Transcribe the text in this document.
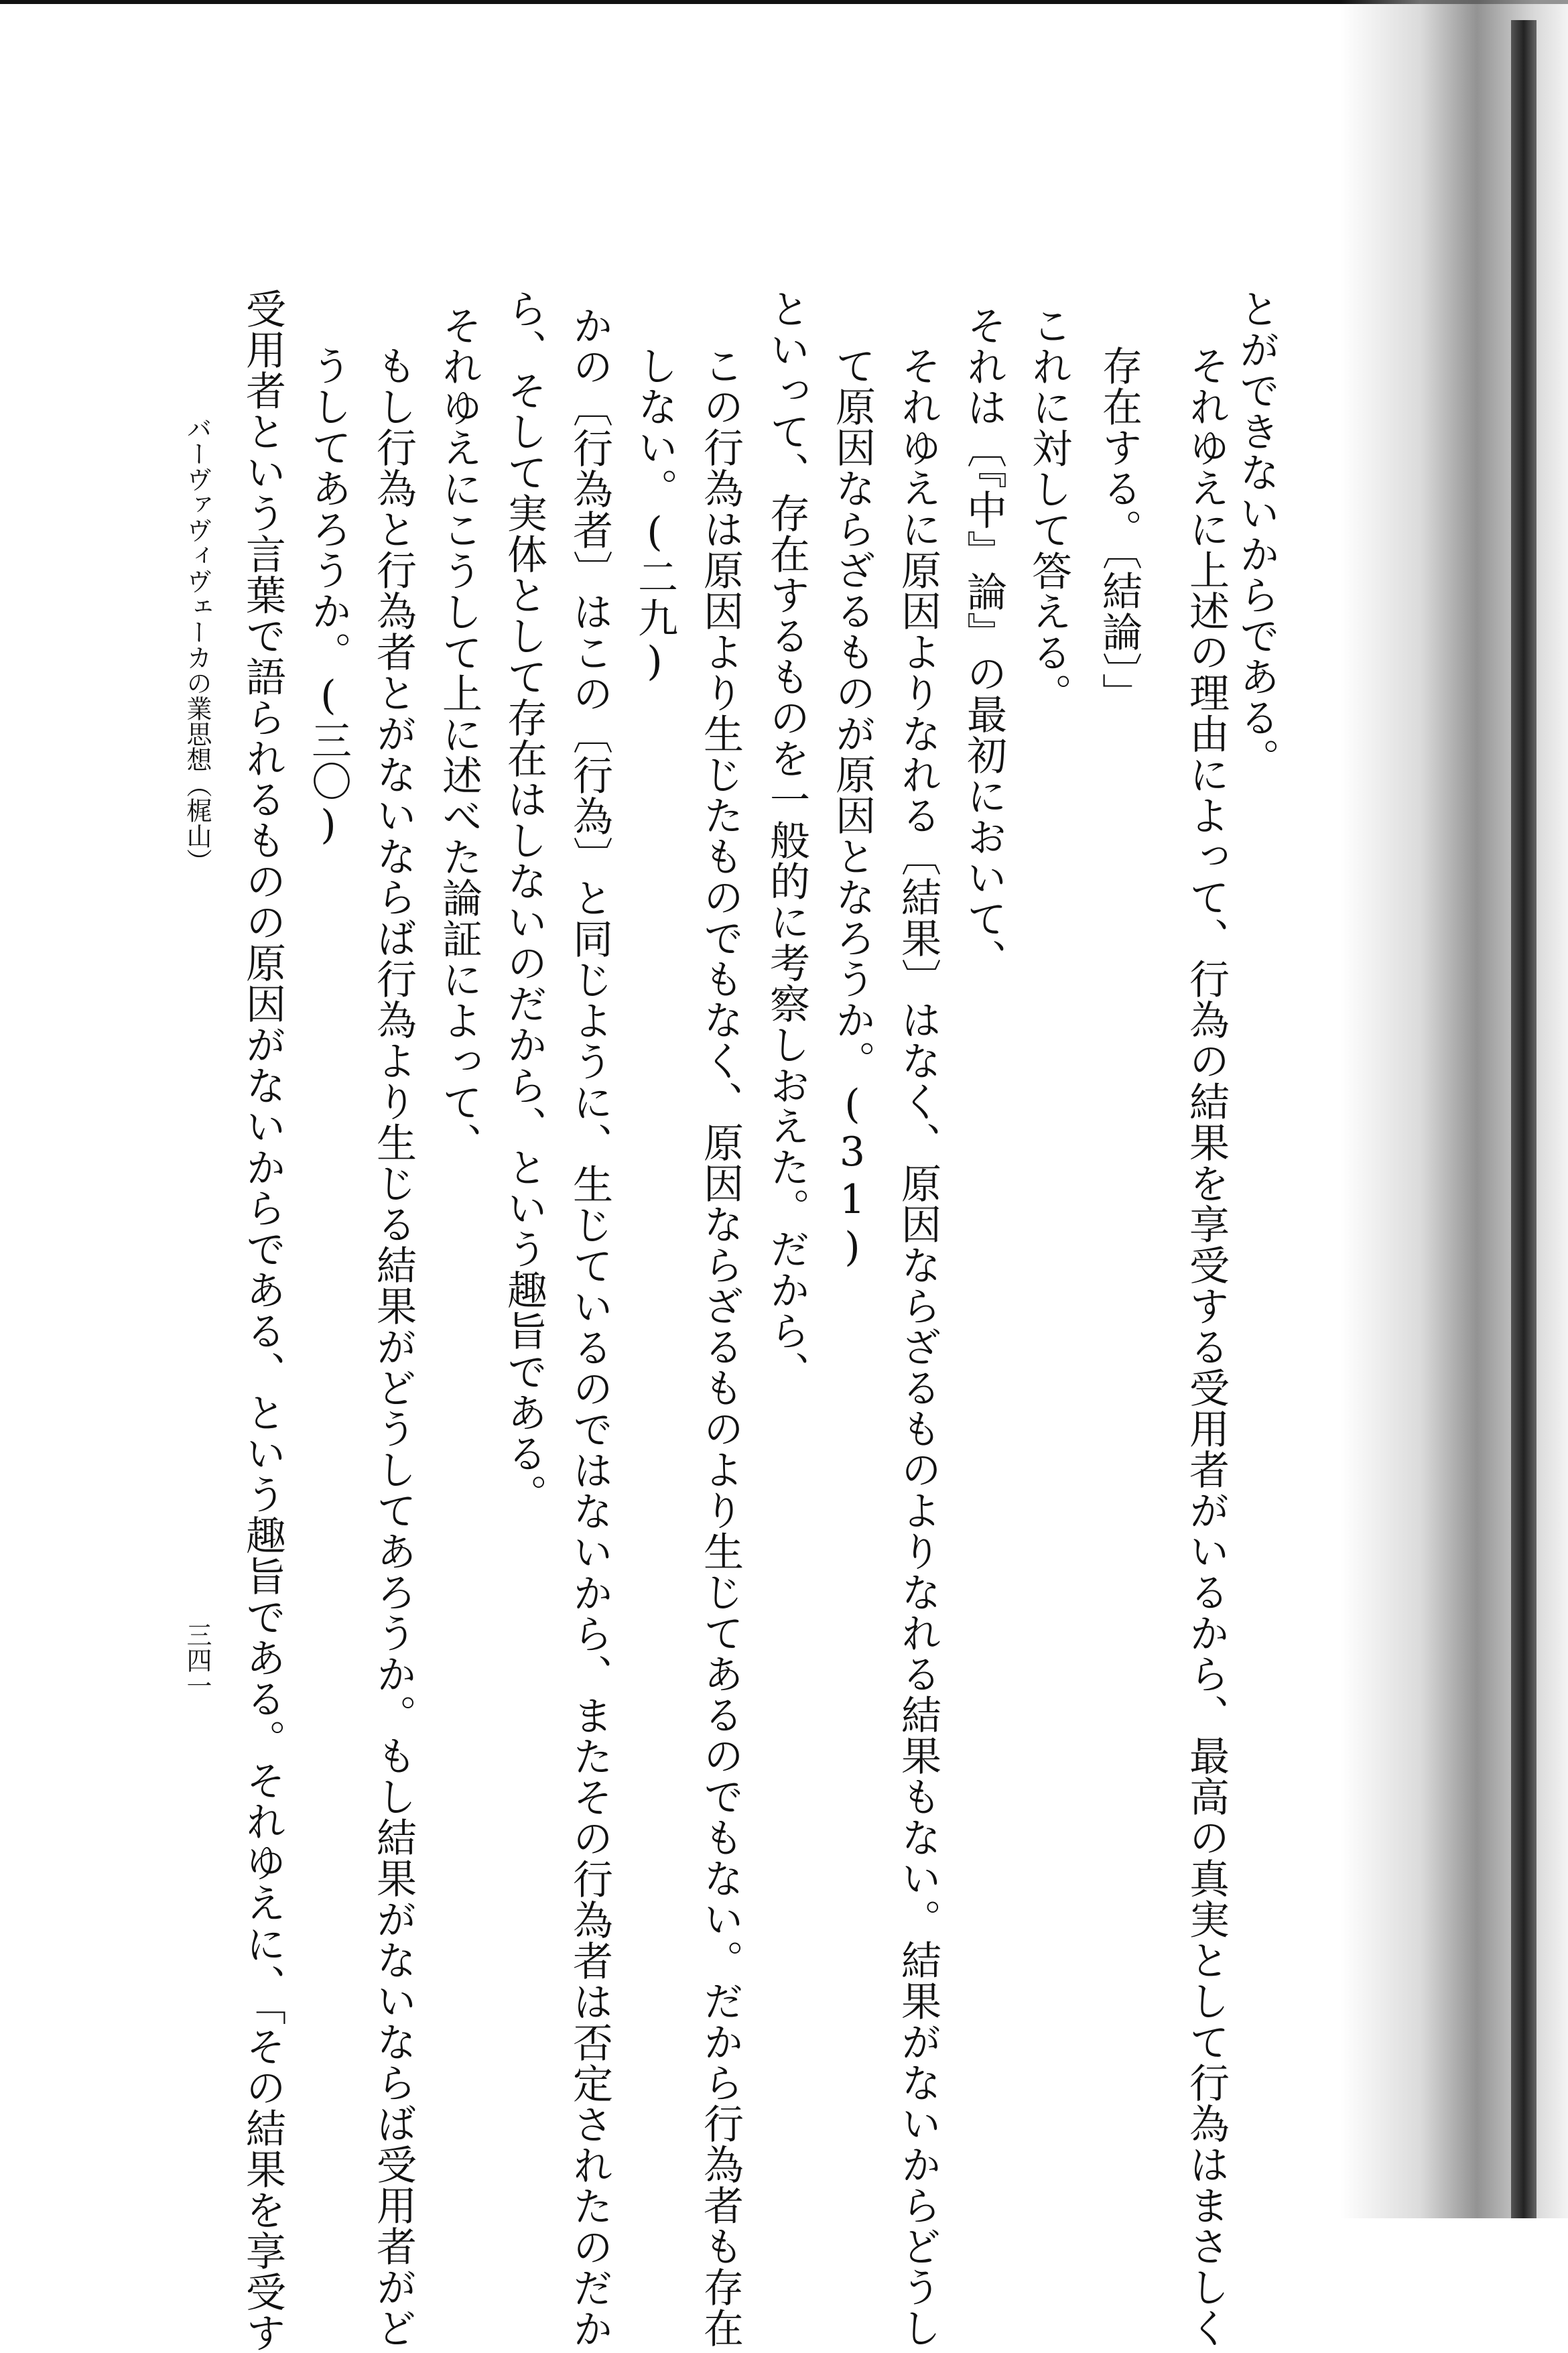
とができないからである。
それゆえに上述の理由によって、行為の結果を享受する受用者がいるから、最高の真実として行為はまさしく
存在する。〔結論〕」
これに対して答える。
それは〔『中』論』の最初において、
それゆえに原因よりなれる〔結果〕はなく、原因ならざるものよりなれる結果もない。結果がないからどうし
て原因ならざるものが原因となろうか。(31)
といって、存在するものを一般的に考察しおえた。だから、
この行為は原因より生じたものでもなく、原因ならざるものより生じてあるのでもない。だから行為者も存在
しない。(二九)
かの〔行為者〕はこの〔行為〕と同じように、生じているのではないから、またその行為者は否定されたのだか
ら、そして実体として存在はしないのだから、という趣旨である。
それゆえにこうして上に述べた論証によって、
もし行為と行為者とがないならば行為より生じる結果がどうしてあろうか。もし結果がないならば受用者がど
うしてあろうか。(三〇)
受用者という言葉で語られるものの原因がないからである、という趣旨である。それゆえに、「その結果を享受す
バーヴァヴィヴェーカの業思想（梶山）
三四一
